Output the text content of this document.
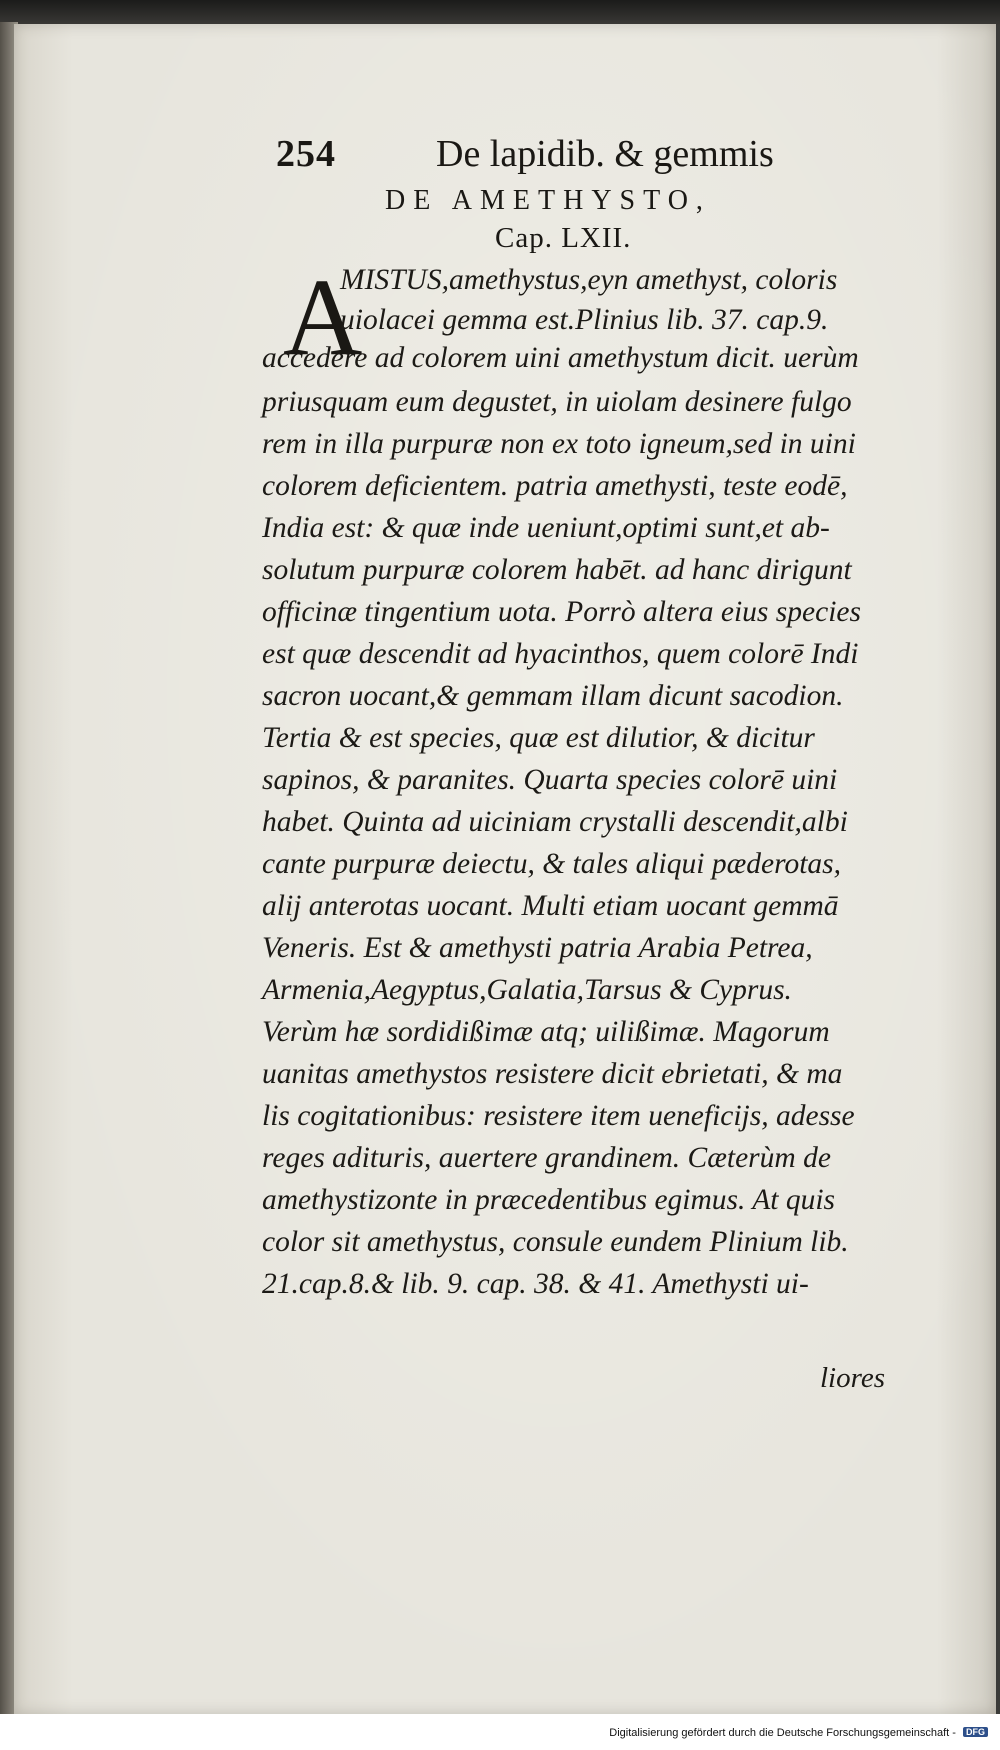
254	De lapidib. & gemmis
DE AMETHYSTO,
Cap. LXII.
A
MISTUS,amethystus,eyn amethyst, coloris
uiolacei gemma est.Plinius lib. 37. cap.9.
accedere ad colorem uini amethystum dicit. uerùm
priusquam eum degustet, in uiolam desinere fulgo
rem in illa purpuræ non ex toto igneum,sed in uini
colorem deficientem. patria amethysti, teste eodē,
India est: & quæ inde ueniunt,optimi sunt,et ab-
solutum purpuræ colorem habēt. ad hanc dirigunt
officinæ tingentium uota. Porrò altera eius species
est quæ descendit ad hyacinthos, quem colorē Indi
sacron uocant,& gemmam illam dicunt sacodion.
Tertia & est species, quæ est dilutior, & dicitur
sapinos, & paranites. Quarta species colorē uini
habet. Quinta ad uiciniam crystalli descendit,albi
cante purpuræ deiectu, & tales aliqui pæderotas,
alij anterotas uocant. Multi etiam uocant gemmā
Veneris. Est & amethysti patria Arabia Petrea,
Armenia,Aegyptus,Galatia,Tarsus & Cyprus.
Verùm hæ sordidißimæ atq; uilißimæ. Magorum
uanitas amethystos resistere dicit ebrietati, & ma
lis cogitationibus: resistere item ueneficijs, adesse
reges adituris, auertere grandinem. Cæterùm de
amethystizonte in præcedentibus egimus. At quis
color sit amethystus, consule eundem Plinium lib.
21.cap.8.& lib. 9. cap. 38. & 41. Amethysti ui-
liores
Digitalisierung gefördert durch die Deutsche Forschungsgemeinschaft - DFG
